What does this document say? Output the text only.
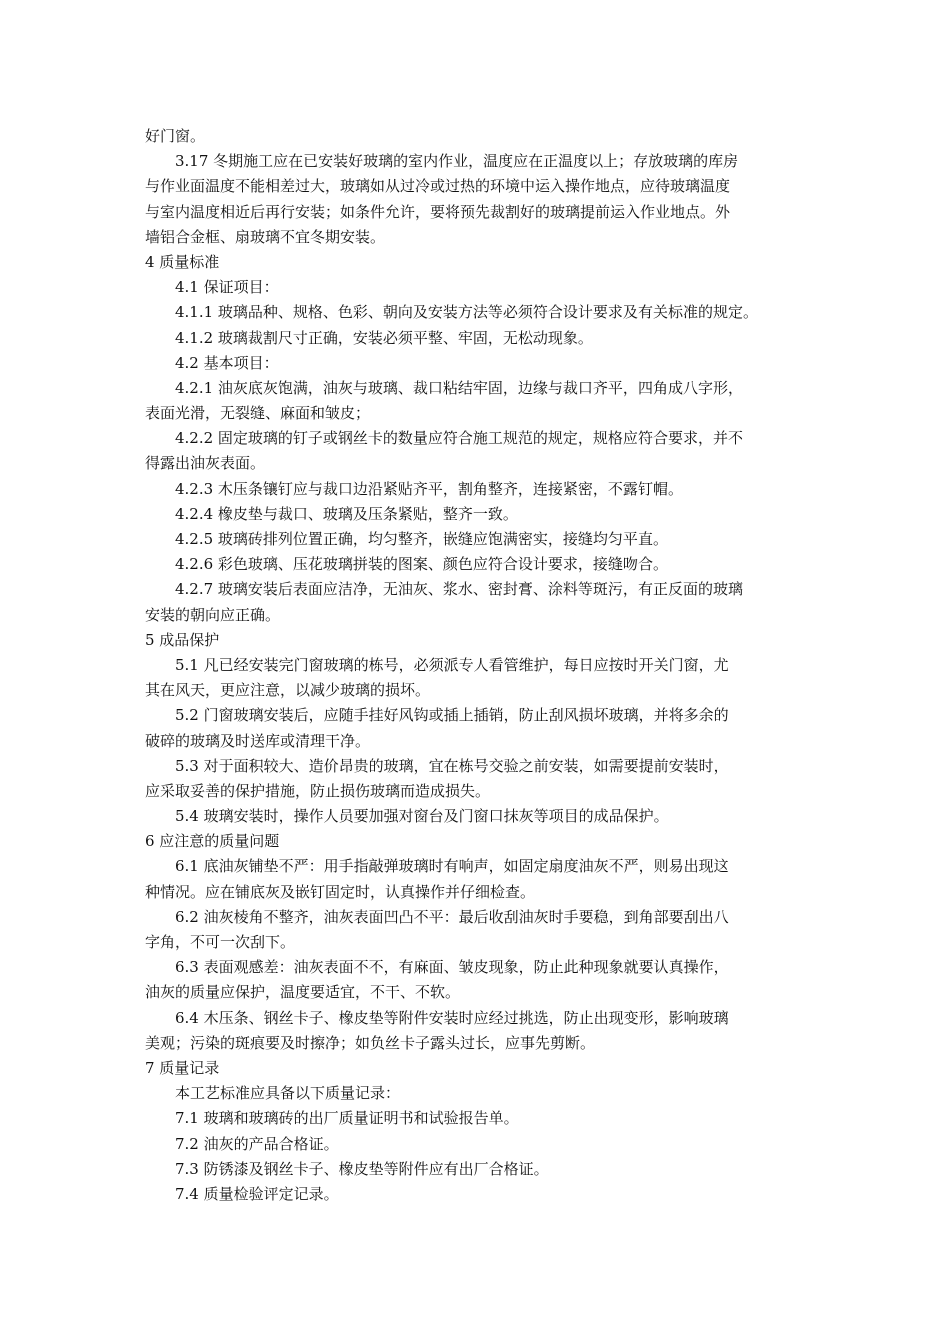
好门窗。
3.17 冬期施工应在已安装好玻璃的室内作业，温度应在正温度以上；存放玻璃的库房
与作业面温度不能相差过大，玻璃如从过冷或过热的环境中运入操作地点，应待玻璃温度
与室内温度相近后再行安装；如条件允许，要将预先裁割好的玻璃提前运入作业地点。外
墙铝合金框、扇玻璃不宜冬期安装。
4 质量标准
4.1 保证项目：
4.1.1 玻璃品种、规格、色彩、朝向及安装方法等必须符合设计要求及有关标准的规定。
4.1.2 玻璃裁割尺寸正确，安装必须平整、牢固，无松动现象。
4.2 基本项目：
4.2.1 油灰底灰饱满，油灰与玻璃、裁口粘结牢固，边缘与裁口齐平，四角成八字形，
表面光滑，无裂缝、麻面和皱皮；
4.2.2 固定玻璃的钉子或钢丝卡的数量应符合施工规范的规定，规格应符合要求，并不
得露出油灰表面。
4.2.3 木压条镶钉应与裁口边沿紧贴齐平，割角整齐，连接紧密，不露钉帽。
4.2.4 橡皮垫与裁口、玻璃及压条紧贴，整齐一致。
4.2.5 玻璃砖排列位置正确，均匀整齐，嵌缝应饱满密实，接缝均匀平直。
4.2.6 彩色玻璃、压花玻璃拼装的图案、颜色应符合设计要求，接缝吻合。
4.2.7 玻璃安装后表面应洁净，无油灰、浆水、密封膏、涂料等斑污，有正反面的玻璃
安装的朝向应正确。
5 成品保护
5.1 凡已经安装完门窗玻璃的栋号，必须派专人看管维护，每日应按时开关门窗，尤
其在风天，更应注意，以减少玻璃的损坏。
5.2 门窗玻璃安装后，应随手挂好风钩或插上插销，防止刮风损坏玻璃，并将多余的
破碎的玻璃及时送库或清理干净。
5.3 对于面积较大、造价昂贵的玻璃，宜在栋号交验之前安装，如需要提前安装时，
应采取妥善的保护措施，防止损伤玻璃而造成损失。
5.4 玻璃安装时，操作人员要加强对窗台及门窗口抹灰等项目的成品保护。
6 应注意的质量问题
6.1 底油灰铺垫不严：用手指敲弹玻璃时有响声，如固定扇度油灰不严，则易出现这
种情况。应在铺底灰及嵌钉固定时，认真操作并仔细检查。
6.2 油灰棱角不整齐，油灰表面凹凸不平：最后收刮油灰时手要稳，到角部要刮出八
字角，不可一次刮下。
6.3 表面观感差：油灰表面不不，有麻面、皱皮现象，防止此种现象就要认真操作，
油灰的质量应保护，温度要适宜，不干、不软。
6.4 木压条、钢丝卡子、橡皮垫等附件安装时应经过挑选，防止出现变形，影响玻璃
美观；污染的斑痕要及时擦净；如负丝卡子露头过长，应事先剪断。
7 质量记录
本工艺标准应具备以下质量记录：
7.1 玻璃和玻璃砖的出厂质量证明书和试验报告单。
7.2 油灰的产品合格证。
7.3 防锈漆及钢丝卡子、橡皮垫等附件应有出厂合格证。
7.4 质量检验评定记录。
